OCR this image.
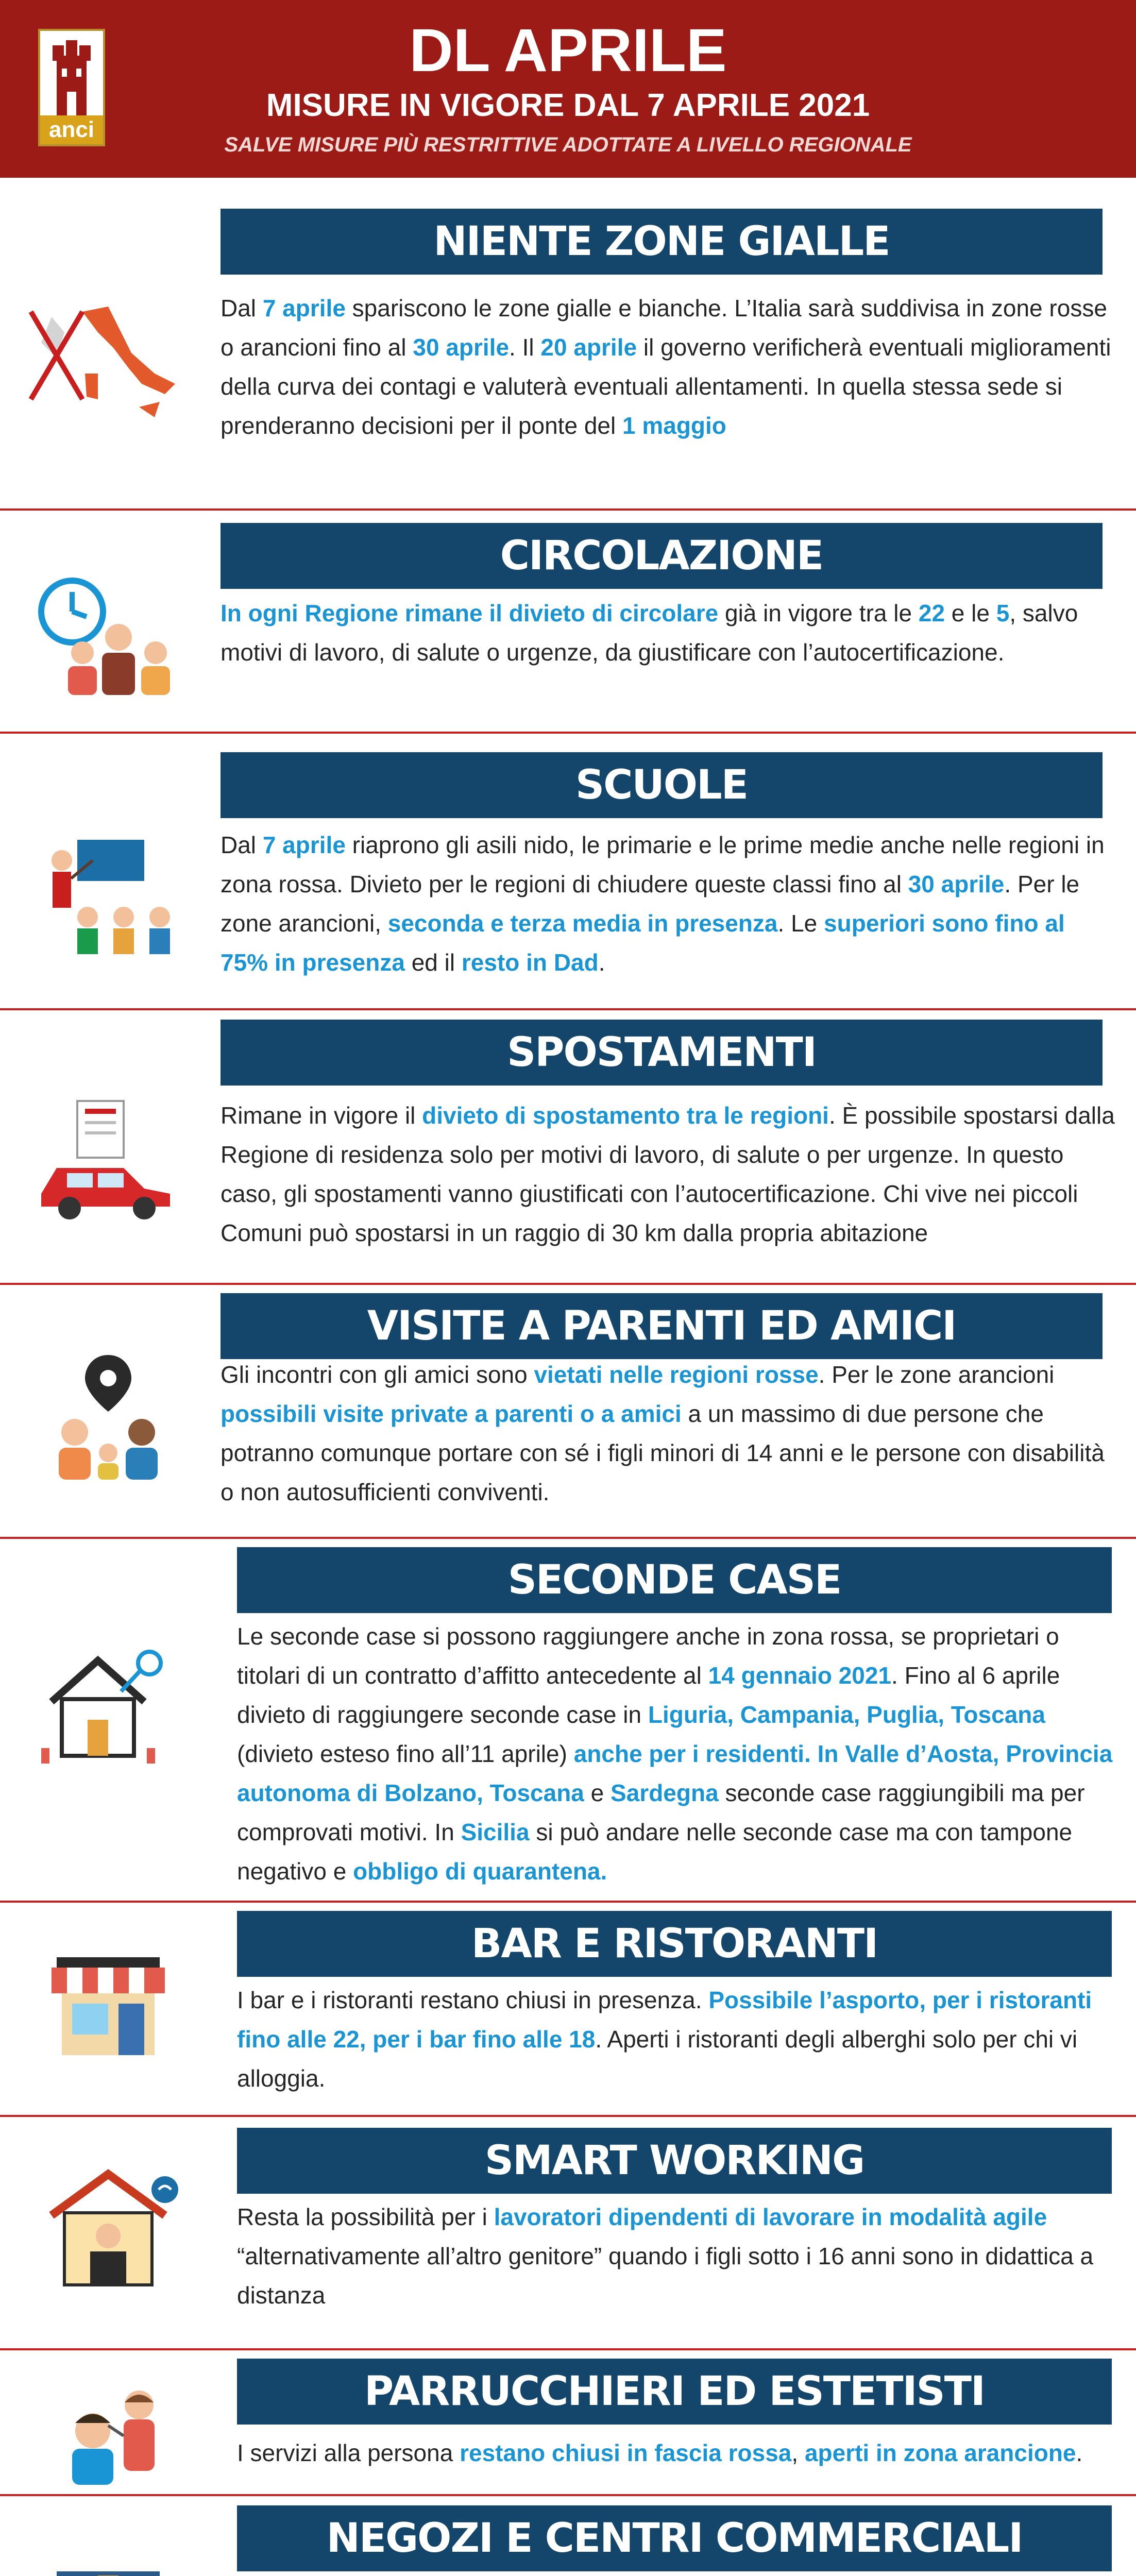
anci
DL APRILE
MISURE IN VIGORE DAL 7 APRILE 2021
SALVE MISURE PIÙ RESTRITTIVE ADOTTATE A LIVELLO REGIONALE
NIENTE ZONE GIALLE
Dal 7 aprile spariscono le zone gialle e bianche. L’Italia sarà suddivisa in zone rosse o arancioni fino al 30 aprile. Il 20 aprile il governo verificherà eventuali miglioramenti della curva dei contagi e valuterà eventuali allentamenti. In quella stessa sede si prenderanno decisioni per il ponte del 1 maggio
CIRCOLAZIONE
In ogni Regione rimane il divieto di circolare già in vigore tra le 22 e le 5, salvo motivi di lavoro, di salute o urgenze, da giustificare con l’autocertificazione.
SCUOLE
Dal 7 aprile riaprono gli asili nido, le primarie e le prime medie anche nelle regioni in zona rossa. Divieto per le regioni di chiudere queste classi fino al 30 aprile. Per le zone arancioni, seconda e terza media in presenza. Le superiori sono fino al 75% in presenza ed il resto in Dad.
SPOSTAMENTI
Rimane in vigore il divieto di spostamento tra le regioni. È possibile spostarsi dalla Regione di residenza solo per motivi di lavoro, di salute o per urgenze. In questo caso, gli spostamenti vanno giustificati con l’autocertificazione. Chi vive nei piccoli Comuni può spostarsi in un raggio di 30 km dalla propria abitazione
VISITE A PARENTI ED AMICI
Gli incontri con gli amici sono vietati nelle regioni rosse. Per le zone arancioni possibili visite private a parenti o a amici a un massimo di due persone che potranno comunque portare con sé i figli minori di 14 anni e le persone con disabilità o non autosufficienti conviventi.
SECONDE CASE
Le seconde case si possono raggiungere anche in zona rossa, se proprietari o titolari di un contratto d’affitto antecedente al 14 gennaio 2021. Fino al 6 aprile divieto di raggiungere seconde case in Liguria, Campania, Puglia, Toscana (divieto esteso fino all’11 aprile) anche per i residenti. In Valle d’Aosta, Provincia autonoma di Bolzano, Toscana e Sardegna seconde case raggiungibili ma per comprovati motivi. In Sicilia si può andare nelle seconde case ma con tampone negativo e obbligo di quarantena.
BAR E RISTORANTI
I bar e i ristoranti restano chiusi in presenza. Possibile l’asporto, per i ristoranti fino alle 22, per i bar fino alle 18. Aperti i ristoranti degli alberghi solo per chi vi alloggia.
SMART WORKING
Resta la possibilità per i lavoratori dipendenti di lavorare in modalità agile “alternativamente all’altro genitore” quando i figli sotto i 16 anni sono in didattica a distanza
PARRUCCHIERI ED ESTETISTI
I servizi alla persona restano chiusi in fascia rossa, aperti in zona arancione.
NEGOZI E CENTRI COMMERCIALI
